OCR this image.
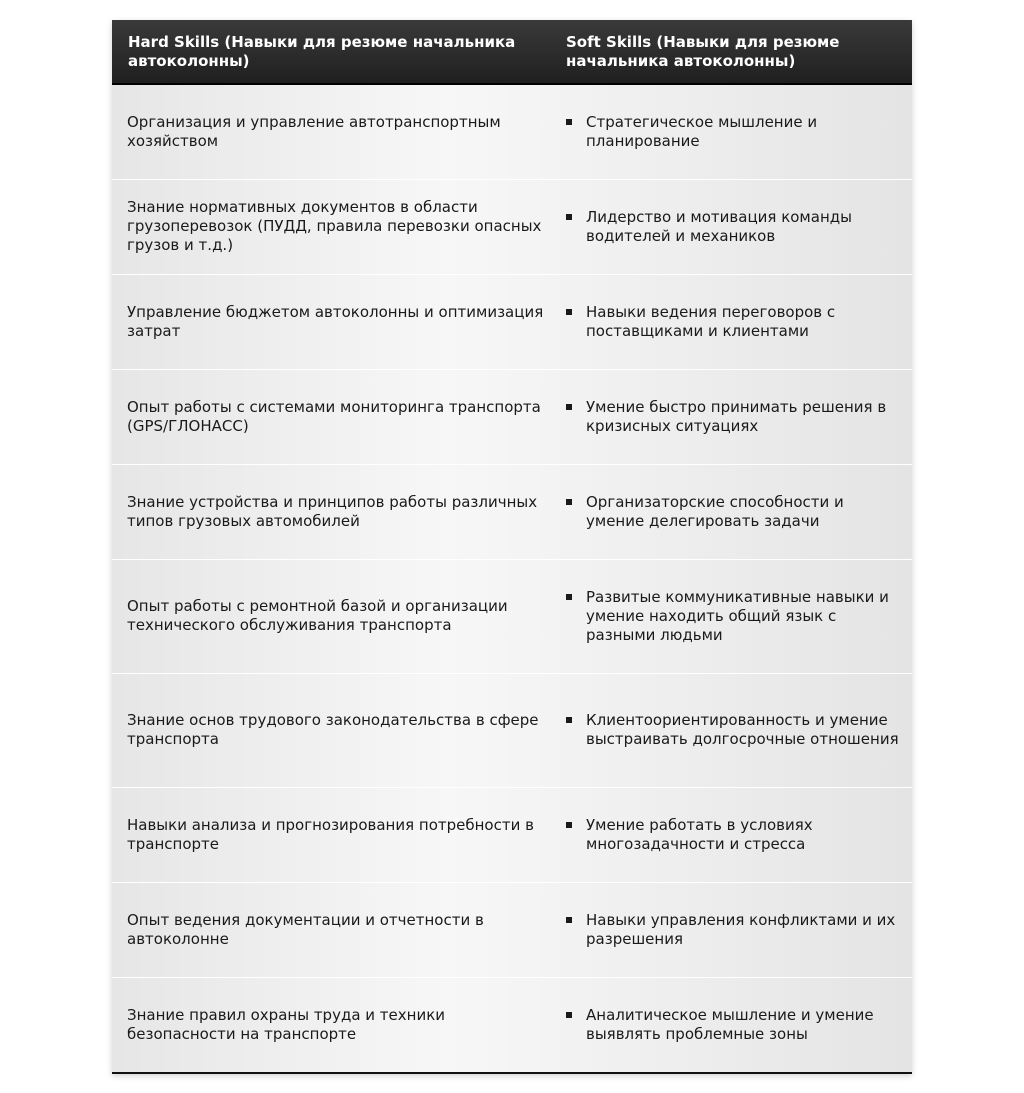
Hard Skills (Навыки для резюме начальника автоколонны)	Soft Skills (Навыки для резюме начальника автоколонны)
Организация и управление автотранспортным хозяйством	Стратегическое мышление и планирование

Знание нормативных документов в области грузоперевозок (ПУДД, правила перевозки опасных грузов и т.д.)	Лидерство и мотивация команды водителей и механиков

Управление бюджетом автоколонны и оптимизация затрат	Навыки ведения переговоров с поставщиками и клиентами

Опыт работы с системами мониторинга транспорта (GPS/ГЛОНАСС)	Умение быстро принимать решения в кризисных ситуациях

Знание устройства и принципов работы различных типов грузовых автомобилей	Организаторские способности и умение делегировать задачи

Опыт работы с ремонтной базой и организации технического обслуживания транспорта	Развитые коммуникативные навыки и умение находить общий язык с разными людьми

Знание основ трудового законодательства в сфере транспорта	Клиентоориентированность и умение выстраивать долгосрочные отношения

Навыки анализа и прогнозирования потребности в транспорте	Умение работать в условиях многозадачности и стресса

Опыт ведения документации и отчетности в автоколонне	Навыки управления конфликтами и их разрешения

Знание правил охраны труда и техники безопасности на транспорте	Аналитическое мышление и умение выявлять проблемные зоны
